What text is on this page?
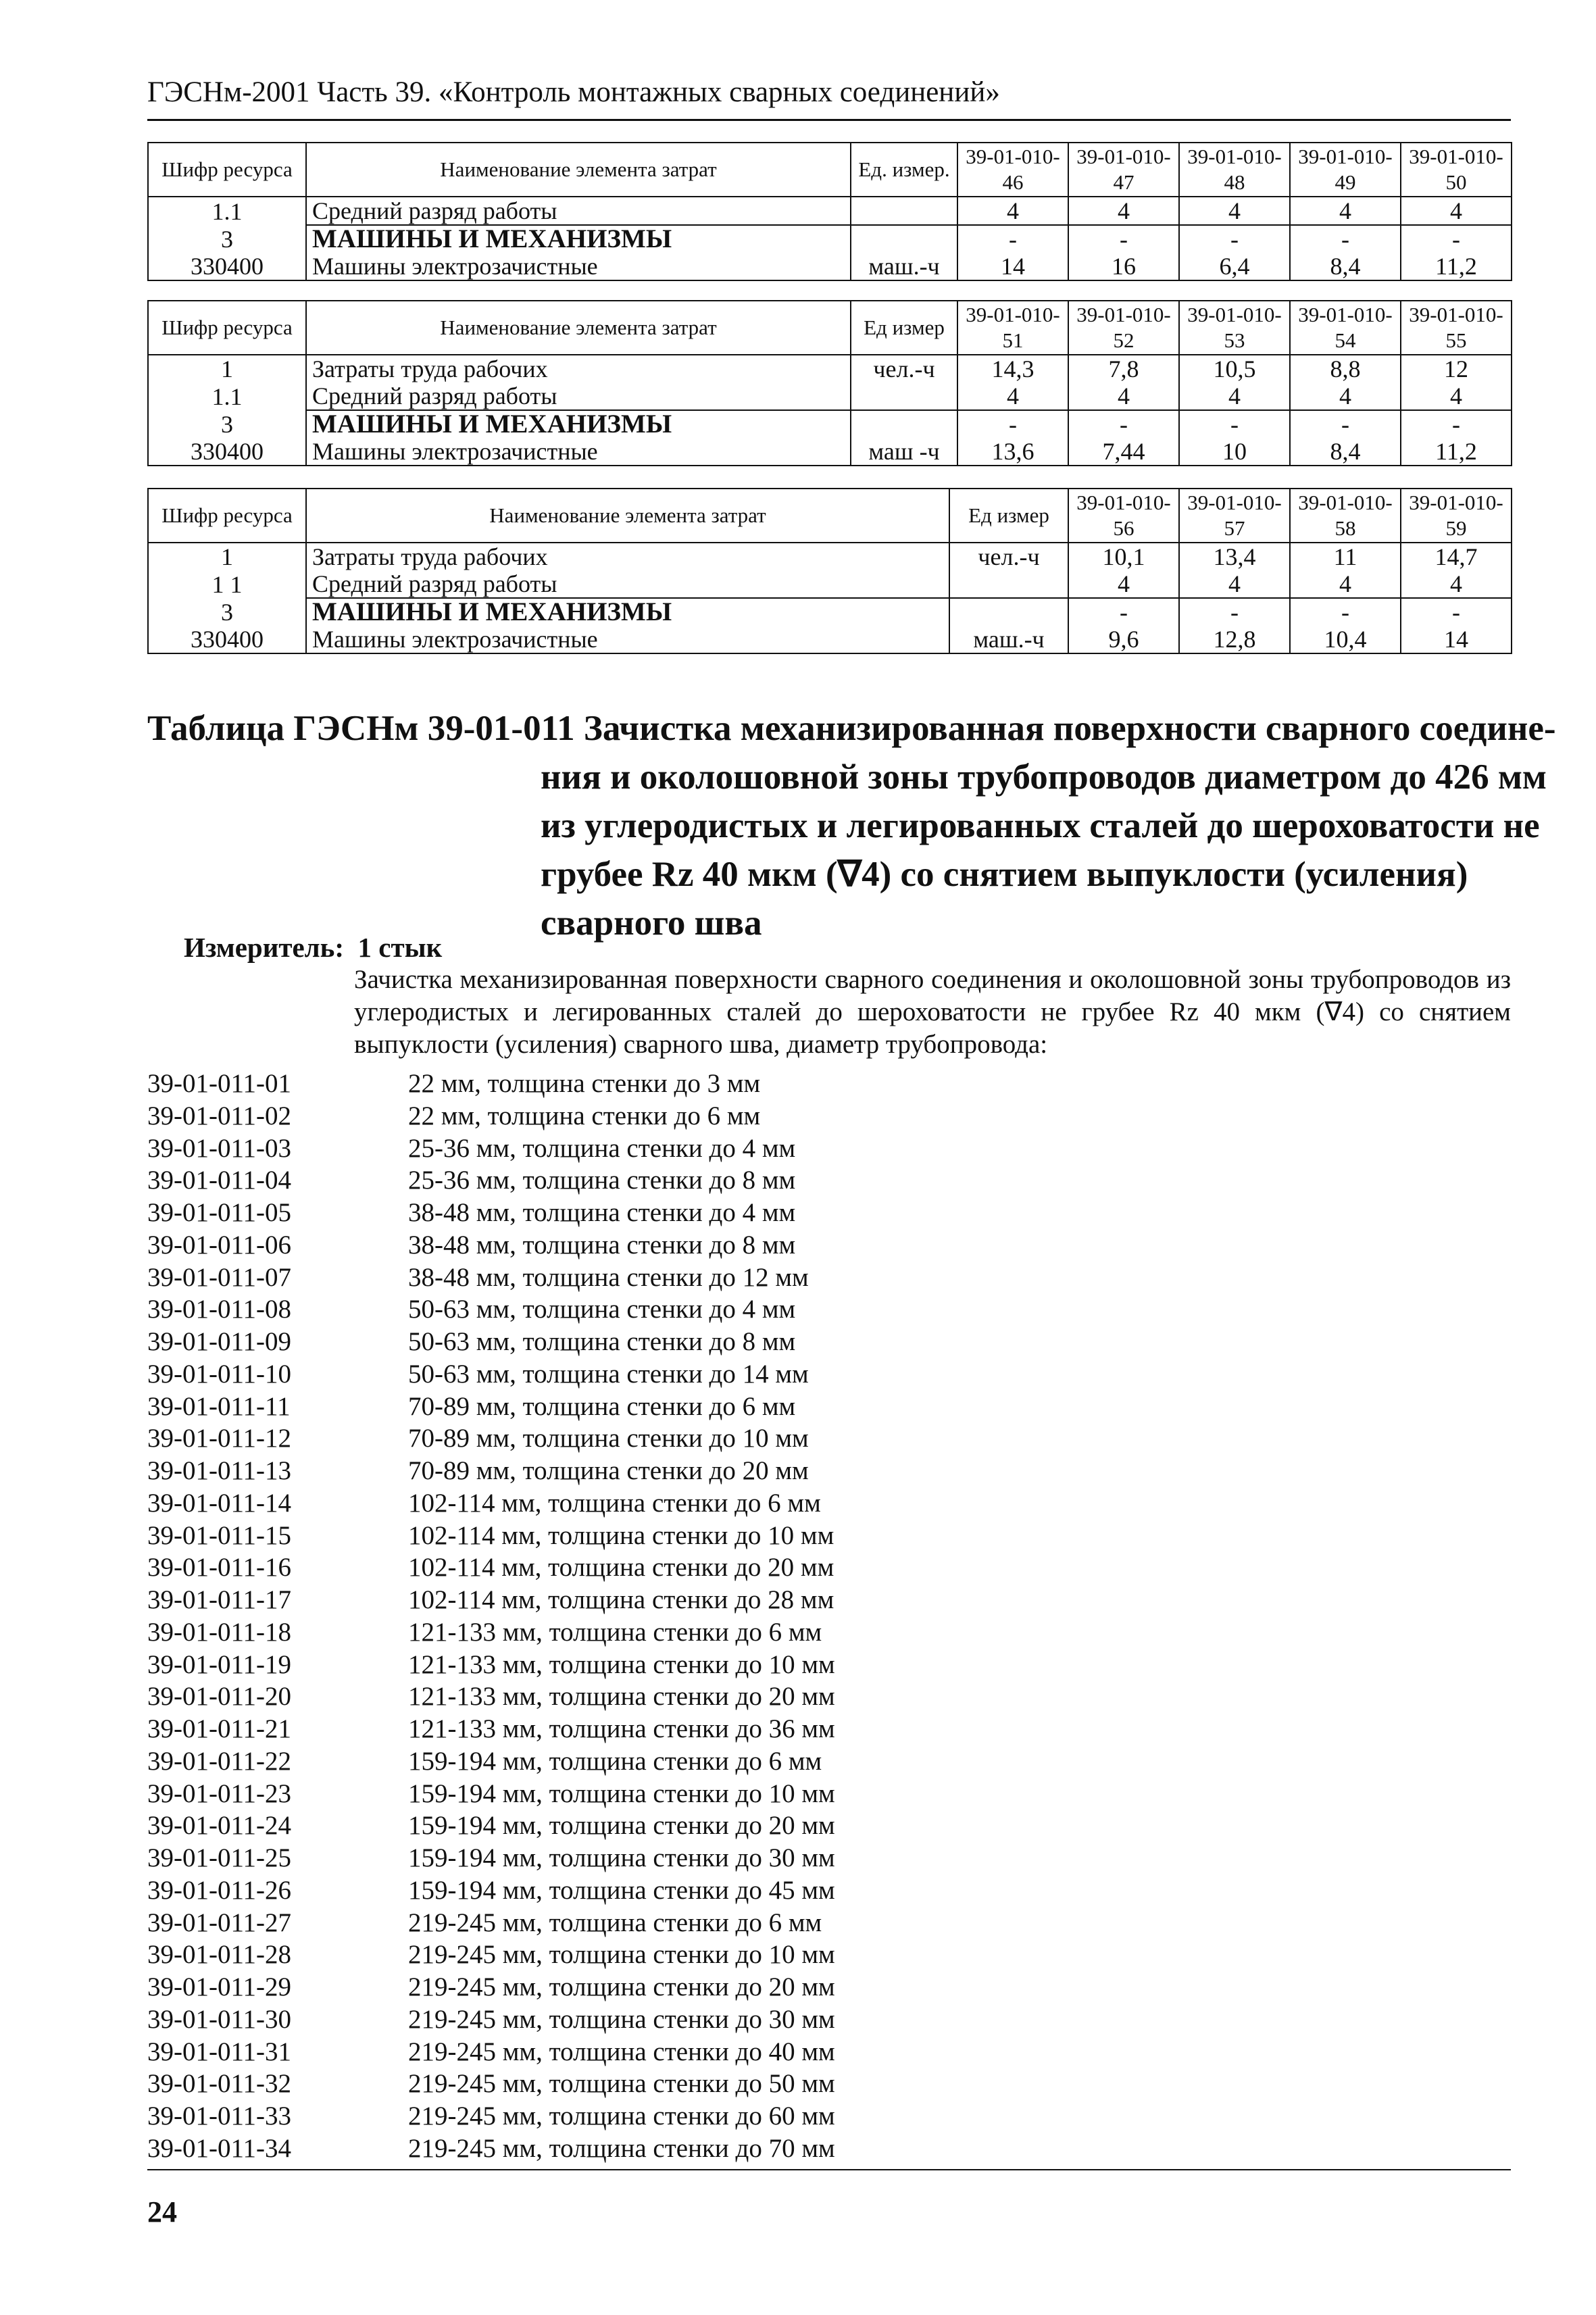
ГЭСНм-2001 Часть 39. «Контроль монтажных сварных соединений»
Шифр ресурса	Наименование элемента затрат	Ед. измер.	39-01-010-46	39-01-010-47	39-01-010-48	39-01-010-49	39-01-010-50
1.1	Средний разряд работы		4	4	4	4	4
3	МАШИНЫ И МЕХАНИЗМЫ		-	-	-	-	-
330400	Машины электрозачистные	маш.-ч	14	16	6,4	8,4	11,2
Шифр ресурса	Наименование элемента затрат	Ед измер	39-01-010-51	39-01-010-52	39-01-010-53	39-01-010-54	39-01-010-55
1	Затраты труда рабочих	чел.-ч	14,3	7,8	10,5	8,8	12
1.1	Средний разряд работы		4	4	4	4	4
3	МАШИНЫ И МЕХАНИЗМЫ		-	-	-	-	-
330400	Машины электрозачистные	маш -ч	13,6	7,44	10	8,4	11,2
Шифр ресурса	Наименование элемента затрат	Ед измер	39-01-010-56	39-01-010-57	39-01-010-58	39-01-010-59
1	Затраты труда рабочих	чел.-ч	10,1	13,4	11	14,7
1 1	Средний разряд работы		4	4	4	4
3	МАШИНЫ И МЕХАНИЗМЫ		-	-	-	-
330400	Машины электрозачистные	маш.-ч	9,6	12,8	10,4	14
Таблица ГЭСНм 39-01-011 Зачистка механизированная поверхности сварного соедине-
ния и околошовной зоны трубопроводов диаметром до 426 мм
из углеродистых и легированных сталей до шероховатости не
грубее Rz 40 мкм (∇4) со снятием выпуклости (усиления)
сварного шва
Измеритель: 1 стык
Зачистка механизированная поверхности сварного соединения и околошовной зоны трубопроводов из углеродистых и легированных сталей до шероховатости не грубее Rz 40 мкм (∇4) со снятием выпуклости (усиления) сварного шва, диаметр трубопровода:
39-01-011-01	22 мм, толщина стенки до 3 мм
39-01-011-02	22 мм, толщина стенки до 6 мм
39-01-011-03	25-36 мм, толщина стенки до 4 мм
39-01-011-04	25-36 мм, толщина стенки до 8 мм
39-01-011-05	38-48 мм, толщина стенки до 4 мм
39-01-011-06	38-48 мм, толщина стенки до 8 мм
39-01-011-07	38-48 мм, толщина стенки до 12 мм
39-01-011-08	50-63 мм, толщина стенки до 4 мм
39-01-011-09	50-63 мм, толщина стенки до 8 мм
39-01-011-10	50-63 мм, толщина стенки до 14 мм
39-01-011-11	70-89 мм, толщина стенки до 6 мм
39-01-011-12	70-89 мм, толщина стенки до 10 мм
39-01-011-13	70-89 мм, толщина стенки до 20 мм
39-01-011-14	102-114 мм, толщина стенки до 6 мм
39-01-011-15	102-114 мм, толщина стенки до 10 мм
39-01-011-16	102-114 мм, толщина стенки до 20 мм
39-01-011-17	102-114 мм, толщина стенки до 28 мм
39-01-011-18	121-133 мм, толщина стенки до 6 мм
39-01-011-19	121-133 мм, толщина стенки до 10 мм
39-01-011-20	121-133 мм, толщина стенки до 20 мм
39-01-011-21	121-133 мм, толщина стенки до 36 мм
39-01-011-22	159-194 мм, толщина стенки до 6 мм
39-01-011-23	159-194 мм, толщина стенки до 10 мм
39-01-011-24	159-194 мм, толщина стенки до 20 мм
39-01-011-25	159-194 мм, толщина стенки до 30 мм
39-01-011-26	159-194 мм, толщина стенки до 45 мм
39-01-011-27	219-245 мм, толщина стенки до 6 мм
39-01-011-28	219-245 мм, толщина стенки до 10 мм
39-01-011-29	219-245 мм, толщина стенки до 20 мм
39-01-011-30	219-245 мм, толщина стенки до 30 мм
39-01-011-31	219-245 мм, толщина стенки до 40 мм
39-01-011-32	219-245 мм, толщина стенки до 50 мм
39-01-011-33	219-245 мм, толщина стенки до 60 мм
39-01-011-34	219-245 мм, толщина стенки до 70 мм
24
